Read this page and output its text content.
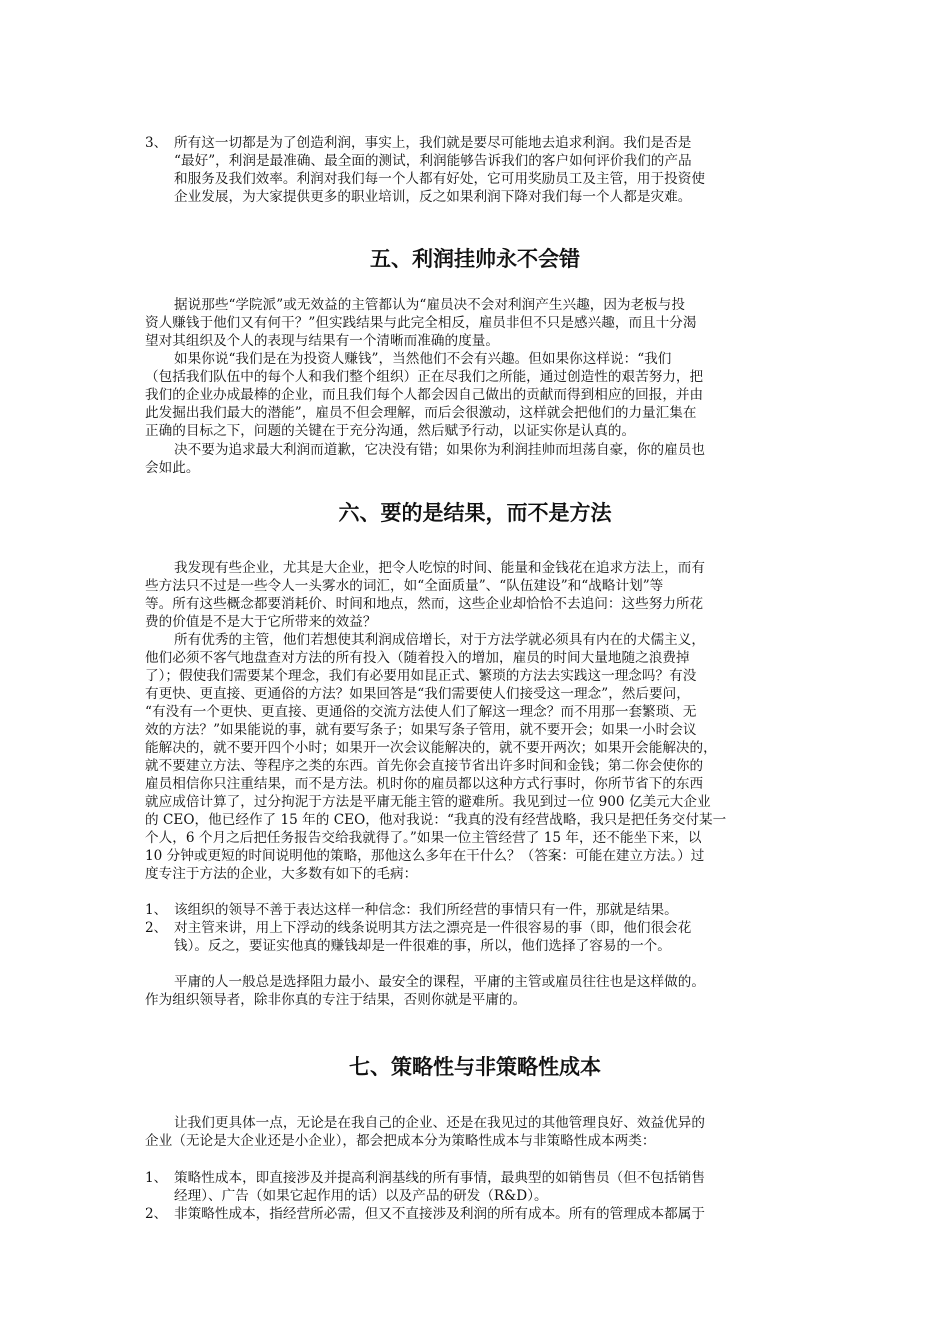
3、 所有这一切都是为了创造利润，事实上，我们就是要尽可能地去追求利润。我们是否是
“最好”，利润是最准确、最全面的测试，利润能够告诉我们的客户如何评价我们的产品
和服务及我们效率。利润对我们每一个人都有好处，它可用奖励员工及主管，用于投资使
企业发展，为大家提供更多的职业培训，反之如果利润下降对我们每一个人都是灾难。
五、利润挂帅永不会错
据说那些“学院派”或无效益的主管都认为“雇员决不会对利润产生兴趣，因为老板与投
资人赚钱于他们又有何干？”但实践结果与此完全相反，雇员非但不只是感兴趣，而且十分渴
望对其组织及个人的表现与结果有一个清晰而准确的度量。
如果你说“我们是在为投资人赚钱”，当然他们不会有兴趣。但如果你这样说：“我们
（包括我们队伍中的每个人和我们整个组织）正在尽我们之所能，通过创造性的艰苦努力，把
我们的企业办成最棒的企业，而且我们每个人都会因自己做出的贡献而得到相应的回报，并由
此发掘出我们最大的潜能”，雇员不但会理解，而后会很激动，这样就会把他们的力量汇集在
正确的目标之下，问题的关键在于充分沟通，然后赋予行动，以证实你是认真的。
决不要为追求最大利润而道歉，它决没有错；如果你为利润挂帅而坦荡自豪，你的雇员也
会如此。
六、要的是结果，而不是方法
我发现有些企业，尤其是大企业，把令人吃惊的时间、能量和金钱花在追求方法上，而有
些方法只不过是一些令人一头雾水的词汇，如“全面质量”、“队伍建设”和“战略计划”等
等。所有这些概念都要消耗价、时间和地点，然而，这些企业却恰恰不去追问：这些努力所花
费的价值是不是大于它所带来的效益？
所有优秀的主管，他们若想使其利润成倍增长，对于方法学就必须具有内在的犬儒主义，
他们必须不客气地盘查对方法的所有投入（随着投入的增加，雇员的时间大量地随之浪费掉
了）；假使我们需要某个理念，我们有必要用如昆正式、繁琐的方法去实践这一理念吗？有没
有更快、更直接、更通俗的方法？如果回答是“我们需要使人们接受这一理念”，然后要问，
“有没有一个更快、更直接、更通俗的交流方法使人们了解这一理念？而不用那一套繁琐、无
效的方法？”如果能说的事，就有要写条子；如果写条子管用，就不要开会；如果一小时会议
能解决的，就不要开四个小时；如果开一次会议能解决的，就不要开两次；如果开会能解决的，
就不要建立方法、等程序之类的东西。首先你会直接节省出许多时间和金钱；第二你会使你的
雇员相信你只注重结果，而不是方法。机时你的雇员都以这种方式行事时，你所节省下的东西
就应成倍计算了，过分拘泥于方法是平庸无能主管的避难所。我见到过一位 900 亿美元大企业
的 CEO，他已经作了 15 年的 CEO，他对我说：“我真的没有经营战略，我只是把任务交付某一
个人，6 个月之后把任务报告交给我就得了。”如果一位主管经营了 15 年，还不能坐下来，以
10 分钟或更短的时间说明他的策略，那他这么多年在干什么？（答案：可能在建立方法。）过
度专注于方法的企业，大多数有如下的毛病：
1、 该组织的领导不善于表达这样一种信念：我们所经营的事情只有一件，那就是结果。
2、 对主管来讲，用上下浮动的线条说明其方法之漂亮是一件很容易的事（即，他们很会花
钱）。反之，要证实他真的赚钱却是一件很难的事，所以，他们选择了容易的一个。
平庸的人一般总是选择阻力最小、最安全的课程，平庸的主管或雇员往往也是这样做的。
作为组织领导者，除非你真的专注于结果，否则你就是平庸的。
七、策略性与非策略性成本
让我们更具体一点，无论是在我自己的企业、还是在我见过的其他管理良好、效益优异的
企业（无论是大企业还是小企业），都会把成本分为策略性成本与非策略性成本两类：
1、 策略性成本，即直接涉及并提高利润基线的所有事情，最典型的如销售员（但不包括销售
经理）、广告（如果它起作用的话）以及产品的研发（R&D）。
2、 非策略性成本，指经营所必需，但又不直接涉及利润的所有成本。所有的管理成本都属于
